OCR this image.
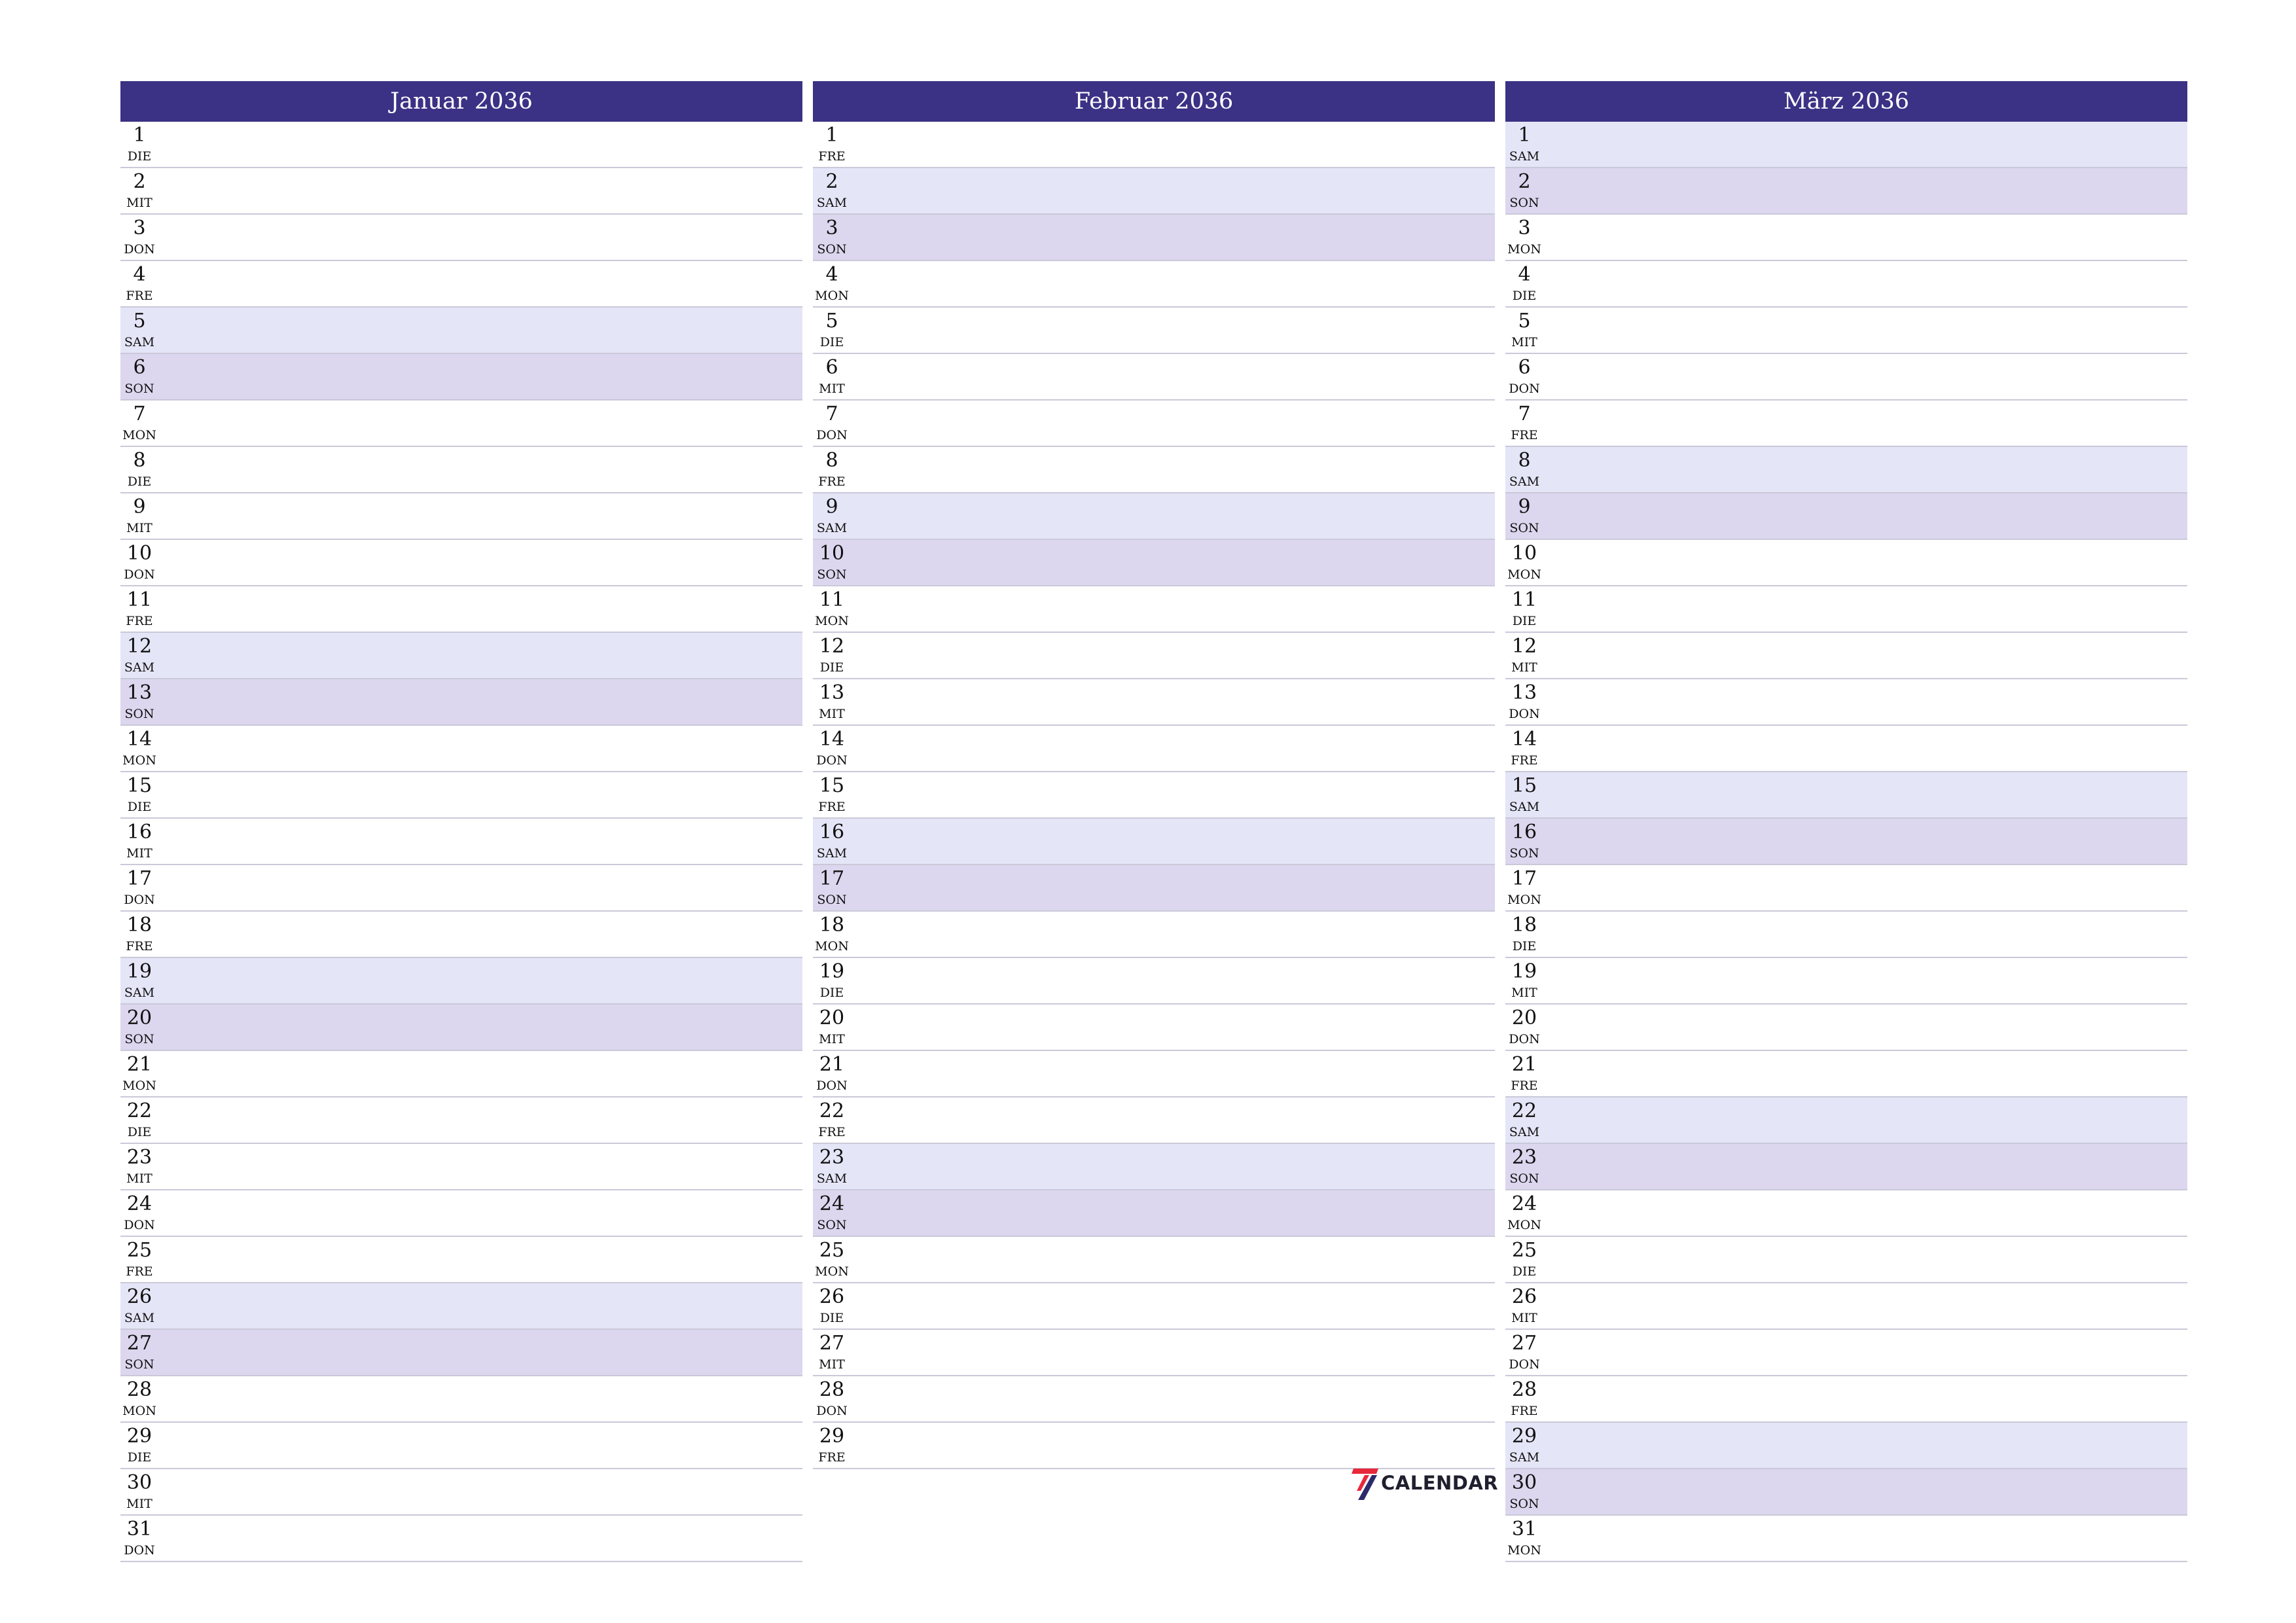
Januar 2036
1
DIE
2
MIT
3
DON
4
FRE
5
SAM
6
SON
7
MON
8
DIE
9
MIT
10
DON
11
FRE
12
SAM
13
SON
14
MON
15
DIE
16
MIT
17
DON
18
FRE
19
SAM
20
SON
21
MON
22
DIE
23
MIT
24
DON
25
FRE
26
SAM
27
SON
28
MON
29
DIE
30
MIT
31
DON
Februar 2036
1
FRE
2
SAM
3
SON
4
MON
5
DIE
6
MIT
7
DON
8
FRE
9
SAM
10
SON
11
MON
12
DIE
13
MIT
14
DON
15
FRE
16
SAM
17
SON
18
MON
19
DIE
20
MIT
21
DON
22
FRE
23
SAM
24
SON
25
MON
26
DIE
27
MIT
28
DON
29
FRE
März 2036
1
SAM
2
SON
3
MON
4
DIE
5
MIT
6
DON
7
FRE
8
SAM
9
SON
10
MON
11
DIE
12
MIT
13
DON
14
FRE
15
SAM
16
SON
17
MON
18
DIE
19
MIT
20
DON
21
FRE
22
SAM
23
SON
24
MON
25
DIE
26
MIT
27
DON
28
FRE
29
SAM
30
SON
31
MON
CALENDAR
